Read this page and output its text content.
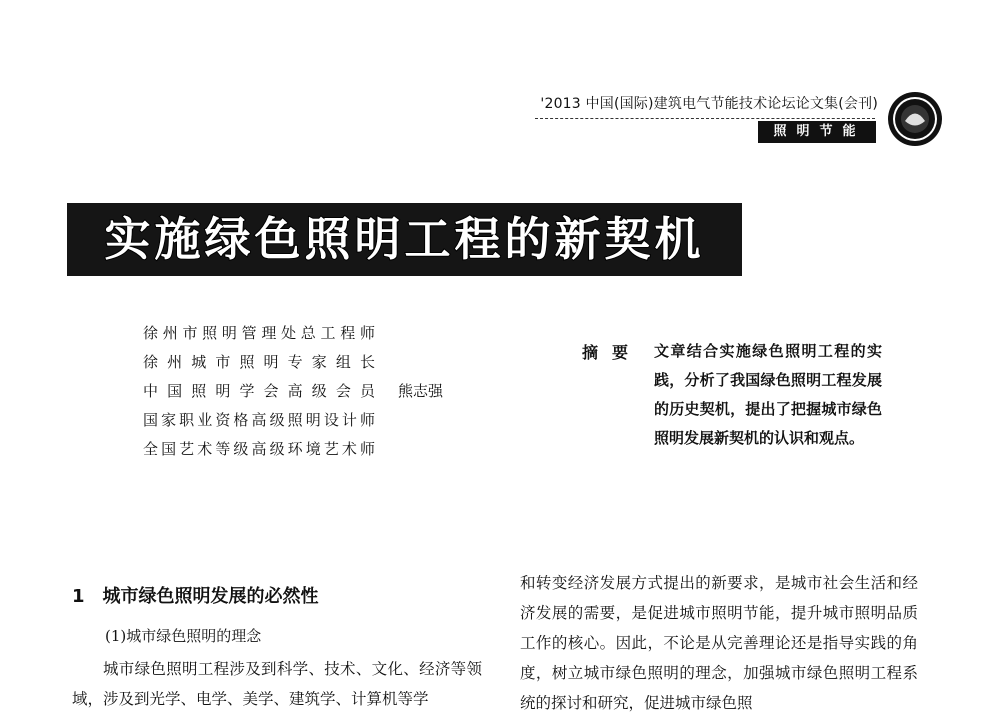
'2013 中国(国际)建筑电气节能技术论坛论文集(会刊)
照明节能
实施绿色照明工程的新契机
徐州市照明管理处总工程师
徐州城市照明专家组长
中国照明学会高级会员
国家职业资格高级照明设计师
全国艺术等级高级环境艺术师
熊志强
摘要 文章结合实施绿色照明工程的实践，分析了我国绿色照明工程发展的历史契机，提出了把握城市绿色照明发展新契机的认识和观点。
1　城市绿色照明发展的必然性
(1)城市绿色照明的理念
城市绿色照明工程涉及到科学、技术、文化、经济等领域，涉及到光学、电学、美学、建筑学、计算机等学
和转变经济发展方式提出的新要求，是城市社会生活和经济发展的需要，是促进城市照明节能，提升城市照明品质工作的核心。因此，不论是从完善理论还是指导实践的角度，树立城市绿色照明的理念，加强城市绿色照明工程系统的探讨和研究，促进城市绿色照
